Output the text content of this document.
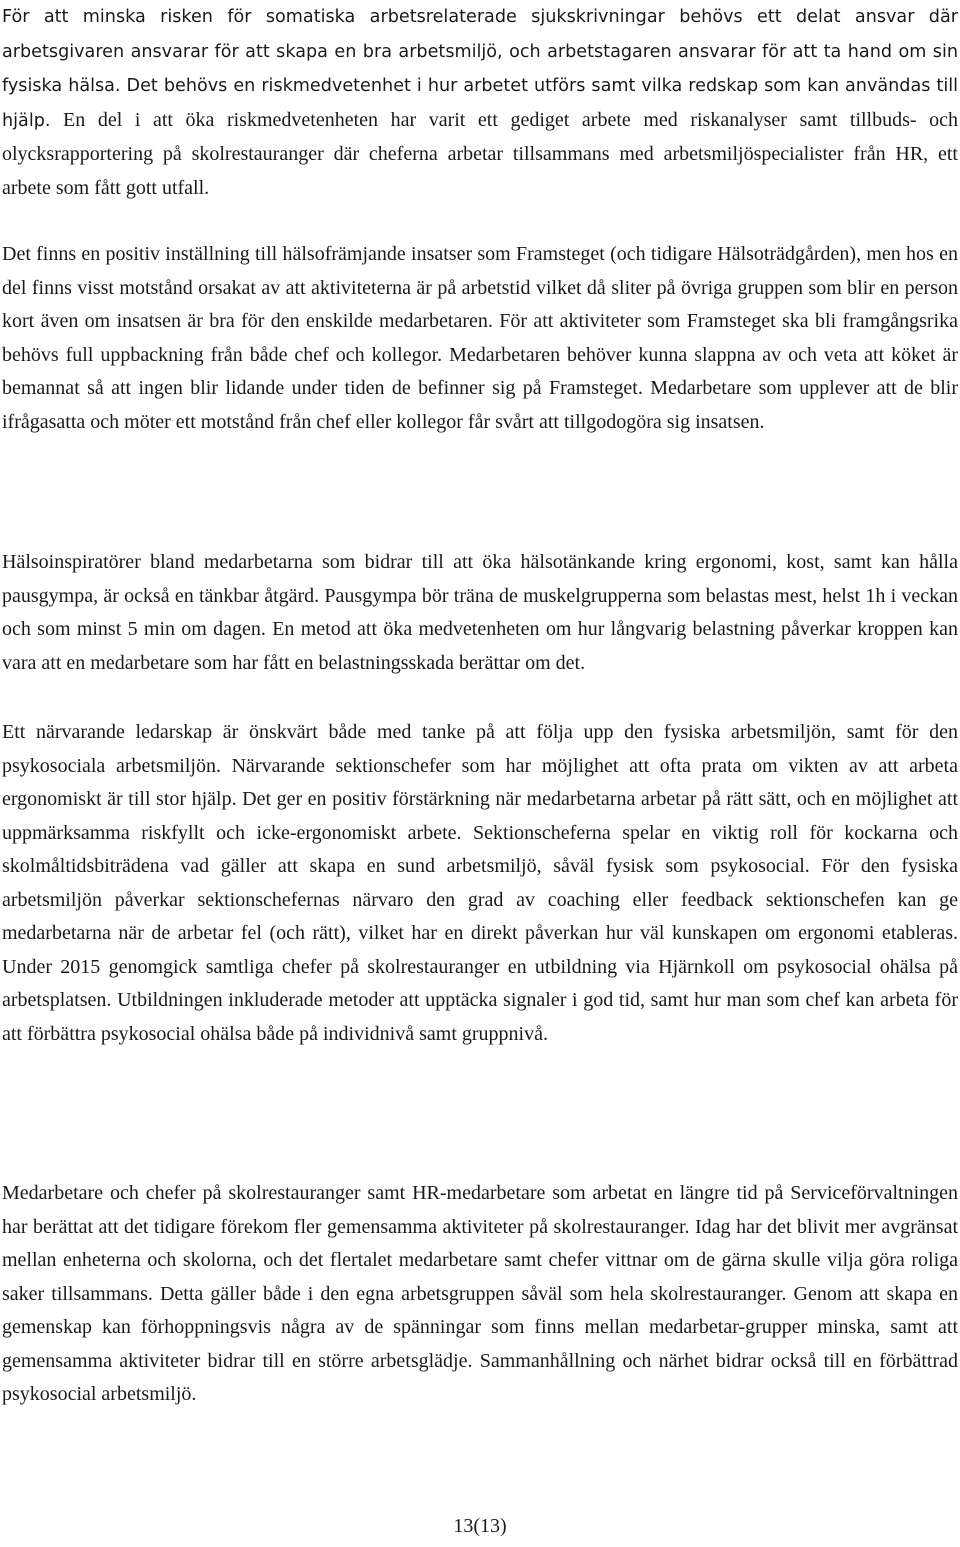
För att minska risken för somatiska arbetsrelaterade sjukskrivningar behövs ett delat ansvar där arbetsgivaren ansvarar för att skapa en bra arbetsmiljö, och arbetstagaren ansvarar för att ta hand om sin fysiska hälsa. Det behövs en riskmedvetenhet i hur arbetet utförs samt vilka redskap som kan användas till hjälp. En del i att öka riskmedvetenheten har varit ett gediget arbete med riskanalyser samt tillbuds- och olycksrapportering på skolrestauranger där cheferna arbetar tillsammans med arbetsmiljöspecialister från HR, ett arbete som fått gott utfall.

Det finns en positiv inställning till hälsofrämjande insatser som Framsteget (och tidigare Hälsoträdgården), men hos en del finns visst motstånd orsakat av att aktiviteterna är på arbetstid vilket då sliter på övriga gruppen som blir en person kort även om insatsen är bra för den enskilde medarbetaren. För att aktiviteter som Framsteget ska bli framgångsrika behövs full uppbackning från både chef och kollegor. Medarbetaren behöver kunna slappna av och veta att köket är bemannat så att ingen blir lidande under tiden de befinner sig på Framsteget. Medarbetare som upplever att de blir ifrågasatta och möter ett motstånd från chef eller kollegor får svårt att tillgodogöra sig insatsen.

Hälsoinspiratörer bland medarbetarna som bidrar till att öka hälsotänkande kring ergonomi, kost, samt kan hålla pausgympa, är också en tänkbar åtgärd. Pausgympa bör träna de muskelgrupperna som belastas mest, helst 1h i veckan och som minst 5 min om dagen. En metod att öka medvetenheten om hur långvarig belastning påverkar kroppen kan vara att en medarbetare som har fått en belastningsskada berättar om det.

Ett närvarande ledarskap är önskvärt både med tanke på att följa upp den fysiska arbetsmiljön, samt för den psykosociala arbetsmiljön. Närvarande sektionschefer som har möjlighet att ofta prata om vikten av att arbeta ergonomiskt är till stor hjälp. Det ger en positiv förstärkning när medarbetarna arbetar på rätt sätt, och en möjlighet att uppmärksamma riskfyllt och icke-ergonomiskt arbete. Sektionscheferna spelar en viktig roll för kockarna och skolmåltidsbiträdena vad gäller att skapa en sund arbetsmiljö, såväl fysisk som psykosocial. För den fysiska arbetsmiljön påverkar sektionschefernas närvaro den grad av coaching eller feedback sektionschefen kan ge medarbetarna när de arbetar fel (och rätt), vilket har en direkt påverkan hur väl kunskapen om ergonomi etableras. Under 2015 genomgick samtliga chefer på skolrestauranger en utbildning via Hjärnkoll om psykosocial ohälsa på arbetsplatsen. Utbildningen inkluderade metoder att upptäcka signaler i god tid, samt hur man som chef kan arbeta för att förbättra psykosocial ohälsa både på individnivå samt gruppnivå.

Medarbetare och chefer på skolrestauranger samt HR-medarbetare som arbetat en längre tid på Serviceförvaltningen har berättat att det tidigare förekom fler gemensamma aktiviteter på skolrestauranger. Idag har det blivit mer avgränsat mellan enheterna och skolorna, och det flertalet medarbetare samt chefer vittnar om de gärna skulle vilja göra roliga saker tillsammans. Detta gäller både i den egna arbetsgruppen såväl som hela skolrestauranger. Genom att skapa en gemenskap kan förhoppningsvis några av de spänningar som finns mellan medarbetar-grupper minska, samt att gemensamma aktiviteter bidrar till en större arbetsglädje. Sammanhållning och närhet bidrar också till en förbättrad psykosocial arbetsmiljö.

13(13)
